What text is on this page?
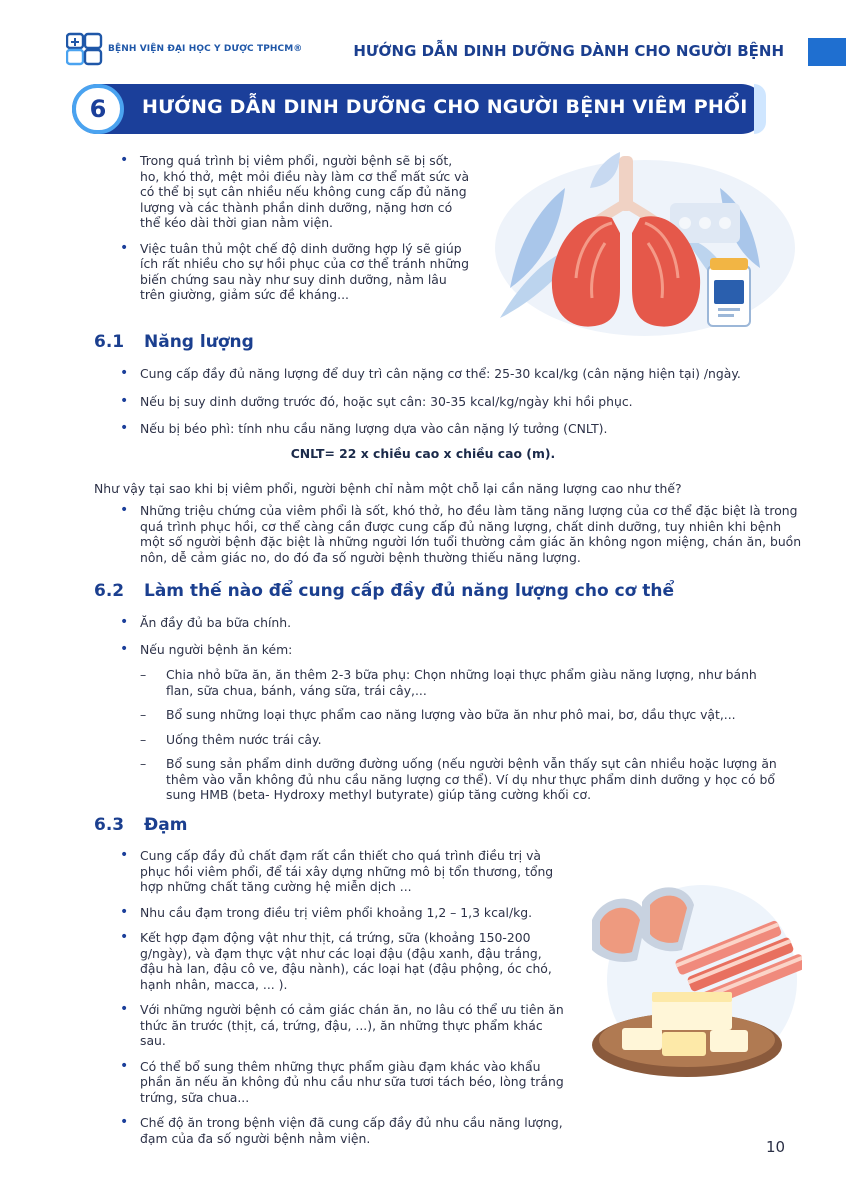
BỆNH VIỆN ĐẠI HỌC Y DƯỢC TPHCM®	HƯỚNG DẪN DINH DƯỠNG DÀNH CHO NGƯỜI BỆNH
6	HƯỚNG DẪN DINH DƯỠNG CHO NGƯỜI BỆNH VIÊM PHỔI
• Trong quá trình bị viêm phổi, người bệnh sẽ bị sốt, ho, khó thở, mệt mỏi điều này làm cơ thể mất sức và có thể bị sụt cân nhiều nếu không cung cấp đủ năng lượng và các thành phần dinh dưỡng, nặng hơn có thể kéo dài thời gian nằm viện.
• Việc tuân thủ một chế độ dinh dưỡng hợp lý sẽ giúp ích rất nhiều cho sự hồi phục của cơ thể tránh những biến chứng sau này như suy dinh dưỡng, nằm lâu trên giường, giảm sức đề kháng...
6.1 Năng lượng
• Cung cấp đầy đủ năng lượng để duy trì cân nặng cơ thể: 25-30 kcal/kg (cân nặng hiện tại) /ngày.
• Nếu bị suy dinh dưỡng trước đó, hoặc sụt cân: 30-35 kcal/kg/ngày khi hồi phục.
• Nếu bị béo phì: tính nhu cầu năng lượng dựa vào cân nặng lý tưởng (CNLT).
CNLT= 22 x chiều cao x chiều cao (m).
Như vậy tại sao khi bị viêm phổi, người bệnh chỉ nằm một chỗ lại cần năng lượng cao như thế?
• Những triệu chứng của viêm phổi là sốt, khó thở, ho đều làm tăng năng lượng của cơ thể đặc biệt là trong quá trình phục hồi, cơ thể càng cần được cung cấp đủ năng lượng, chất dinh dưỡng, tuy nhiên khi bệnh một số người bệnh đặc biệt là những người lớn tuổi thường cảm giác ăn không ngon miệng, chán ăn, buồn nôn, dễ cảm giác no, do đó đa số người bệnh thường thiếu năng lượng.
6.2 Làm thế nào để cung cấp đầy đủ năng lượng cho cơ thể
• Ăn đầy đủ ba bữa chính.
• Nếu người bệnh ăn kém:
– Chia nhỏ bữa ăn, ăn thêm 2-3 bữa phụ: Chọn những loại thực phẩm giàu năng lượng, như bánh flan, sữa chua, bánh, váng sữa, trái cây,...
– Bổ sung những loại thực phẩm cao năng lượng vào bữa ăn như phô mai, bơ, dầu thực vật,...
– Uống thêm nước trái cây.
– Bổ sung sản phẩm dinh dưỡng đường uống (nếu người bệnh vẫn thấy sụt cân nhiều hoặc lượng ăn thêm vào vẫn không đủ nhu cầu năng lượng cơ thể). Ví dụ như thực phẩm dinh dưỡng y học có bổ sung HMB (beta- Hydroxy methyl butyrate) giúp tăng cường khối cơ.
6.3 Đạm
• Cung cấp đầy đủ chất đạm rất cần thiết cho quá trình điều trị và phục hồi viêm phổi, để tái xây dựng những mô bị tổn thương, tổng hợp những chất tăng cường hệ miễn dịch ...
• Nhu cầu đạm trong điều trị viêm phổi khoảng 1,2 – 1,3 kcal/kg.
• Kết hợp đạm động vật như thịt, cá trứng, sữa (khoảng 150-200 g/ngày), và đạm thực vật như các loại đậu (đậu xanh, đậu trắng, đậu hà lan, đậu cô ve, đậu nành), các loại hạt (đậu phộng, óc chó, hạnh nhân, macca, ... ).
• Với những người bệnh có cảm giác chán ăn, no lâu có thể ưu tiên ăn thức ăn trước (thịt, cá, trứng, đậu, ...), ăn những thực phẩm khác sau.
• Có thể bổ sung thêm những thực phẩm giàu đạm khác vào khẩu phần ăn nếu ăn không đủ nhu cầu như sữa tươi tách béo, lòng trắng trứng, sữa chua...
• Chế độ ăn trong bệnh viện đã cung cấp đầy đủ nhu cầu năng lượng, đạm của đa số người bệnh nằm viện.	10
